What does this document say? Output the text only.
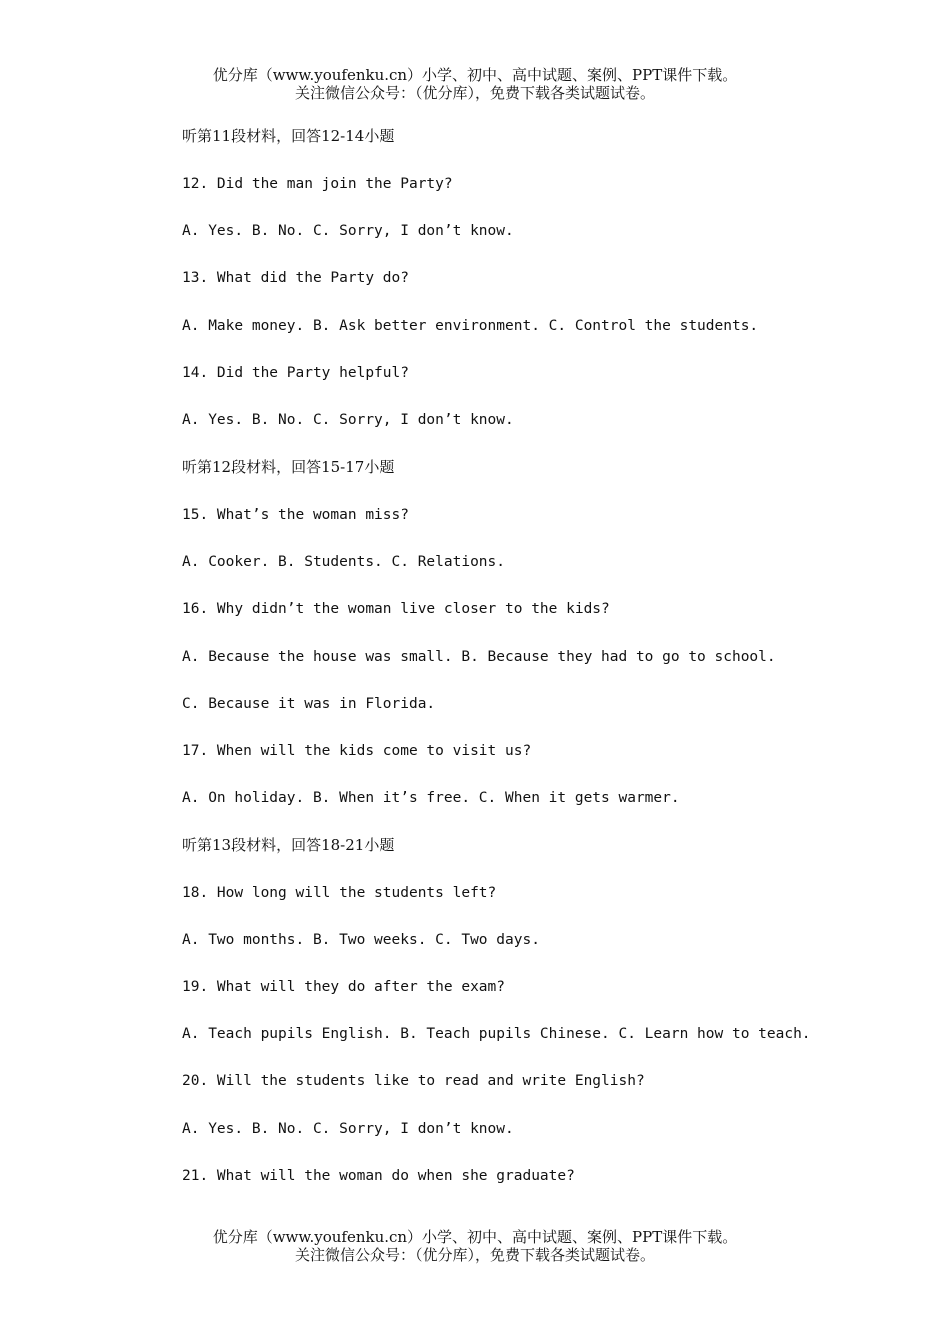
优分库（www.youfenku.cn）小学、初中、高中试题、案例、PPT课件下载。
关注微信公众号：（优分库），免费下载各类试题试卷。
听第11段材料，回答12-14小题
12. Did the man join the Party?
A. Yes. B. No. C. Sorry, I don’t know.
13. What did the Party do?
A. Make money. B. Ask better environment. C. Control the students.
14. Did the Party helpful?
A. Yes. B. No. C. Sorry, I don’t know.
听第12段材料，回答15-17小题
15. What’s the woman miss?
A. Cooker. B. Students. C. Relations.
16. Why didn’t the woman live closer to the kids?
A. Because the house was small. B. Because they had to go to school.
C. Because it was in Florida.
17. When will the kids come to visit us?
A. On holiday. B. When it’s free. C. When it gets warmer.
听第13段材料，回答18-21小题
18. How long will the students left?
A. Two months. B. Two weeks. C. Two days.
19. What will they do after the exam?
A. Teach pupils English. B. Teach pupils Chinese. C. Learn how to teach.
20. Will the students like to read and write English?
A. Yes. B. No. C. Sorry, I don’t know.
21. What will the woman do when she graduate?
优分库（www.youfenku.cn）小学、初中、高中试题、案例、PPT课件下载。
关注微信公众号：（优分库），免费下载各类试题试卷。
